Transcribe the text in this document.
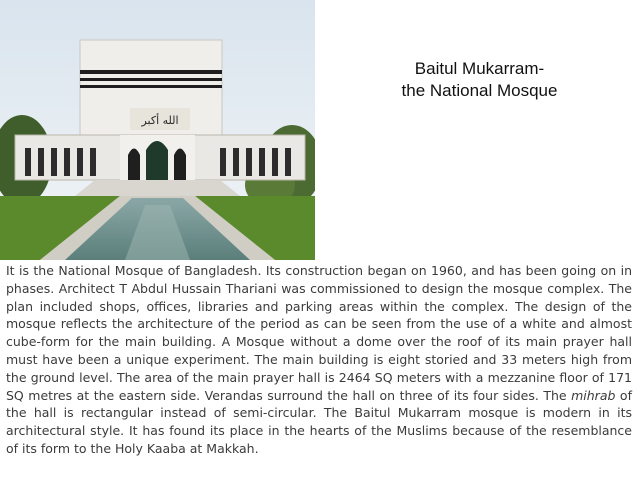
الله أكبر
Baitul Mukarram-
the National Mosque

It is the National Mosque of Bangladesh. Its construction began on 1960, and has been going on in phases. Architect T Abdul Hussain Thariani was commissioned to design the mosque complex. The plan included shops, offices, libraries and parking areas within the complex. The design of the mosque reflects the architecture of the period as can be seen from the use of a white and almost cube-form for the main building. A Mosque without a dome over the roof of its main prayer hall must have been a unique experiment. The main building is eight storied and 33 meters high from the ground level. The area of the main prayer hall is 2464 SQ meters with a mezzanine floor of 171 SQ metres at the eastern side. Verandas surround the hall on three of its four sides. The mihrab of the hall is rectangular instead of semi-circular. The Baitul Mukarram mosque is modern in its architectural style. It has found its place in the hearts of the Muslims because of the resemblance of its form to the Holy Kaaba at Makkah.
